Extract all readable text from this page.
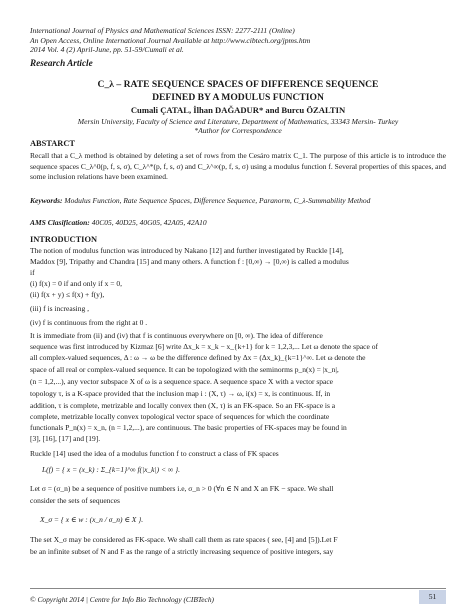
International Journal of Physics and Mathematical Sciences ISSN: 2277-2111 (Online)
An Open Access, Online International Journal Available at http://www.cibtech.org/jpms.htm
2014 Vol. 4 (2) April-June, pp. 51-59/Cumali et al.
Research Article
C_λ – RATE SEQUENCE SPACES OF DIFFERENCE SEQUENCE
DEFINED BY A MODULUS FUNCTION
Cumali ÇATAL, İlhan DAĞADUR* and Burcu ÖZALTIN
Mersin University, Faculty of Science and Literature, Department of Mathematics, 33343 Mersin- Turkey
*Author for Correspondence
ABSTARCT
Recall that a C_λ method is obtained by deleting a set of rows from the Cesáro matrix C_1. The purpose of this article is to introduce the sequence spaces C_λ^0(p, f, s, σ), C_λ^*(p, f, s, σ) and C_λ^∞(p, f, s, σ) using a modulus function f. Several properties of this spaces, and some inclusion relations have been examined.
Keywords: Modulus Function, Rate Sequence Spaces, Difference Sequence, Paranorm, C_λ-Summability Method
AMS Clasification: 40C05, 40D25, 40G05, 42A05, 42A10
INTRODUCTION
The notion of modulus function was introduced by Nakano [12] and further investigated by Ruckle [14],
Maddox [9], Tripathy and Chandra [15] and many others. A function f : [0,∞) → [0,∞) is called a modulus
if
(i) f(x) = 0 if and only if x = 0,
(ii) f(x + y) ≤ f(x) + f(y),
(iii) f is increasing ,
(iv) f is continuous from the right at 0 .
It is immediate from (ii) and (iv) that f is continuous everywhere on [0, ∞). The idea of difference
sequence was first introduced by Kizmaz [6] write Δx_k = x_k − x_{k+1} for k = 1,2,3,... Let ω denote the space of
all complex-valued sequences, Δ : ω → ω be the difference defined by Δx = (Δx_k)_{k=1}^∞. Let ω denote the
space of all real or complex-valued sequence. It can be topologized with the seminorms p_n(x) = |x_n|,
(n = 1,2,...), any vector subspace X of ω is a sequence space. A sequence space X with a vector space
topology τ, is a K-space provided that the inclusion map i : (X, τ) → ω, i(x) = x, is continuous. If, in
addition, τ is complete, metrizable and locally convex then (X, τ) is an FK-space. So an FK-space is a
complete, metrizable locally convex topological vector space of sequences for which the coordinate
functionals P_n(x) = x_n, (n = 1,2,...), are continuous. The basic properties of FK-spaces may be found in
[3], [16], [17] and [19].
Ruckle [14] used the idea of a modulus function f to construct a class of FK spaces
L(f) = { x = (x_k) : Σ_{k=1}^∞ f(|x_k|) < ∞ }.
Let σ = (σ_n) be a sequence of positive numbers i.e, σ_n > 0 (∀n ∈ N and X an FK − space. We shall
consider the sets of sequences
X_σ = { x ∈ w : (x_n / σ_n) ∈ X }.
The set X_σ may be considered as FK-space. We shall call them as rate spaces ( see, [4] and [5]).Let F
be an infinite subset of N and F as the range of a strictly increasing sequence of positive integers, say
© Copyright 2014 | Centre for Info Bio Technology (CIBTech)	51
